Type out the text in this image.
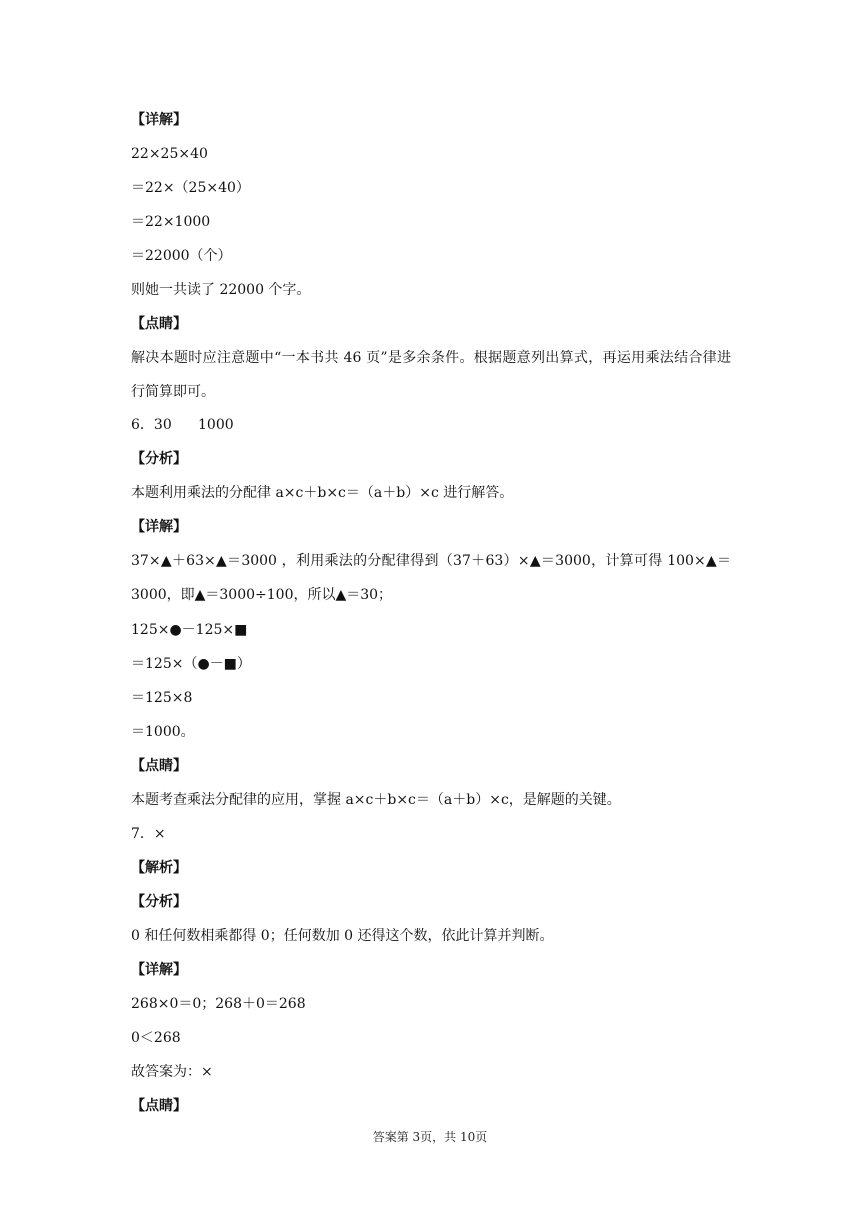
【详解】
22×25×40
＝22×（25×40）
＝22×1000
＝22000（个）
则她一共读了 22000 个字。
【点睛】
解决本题时应注意题中“一本书共 46 页”是多余条件。根据题意列出算式，再运用乘法结合律进行简算即可。
6．30 1000
【分析】
本题利用乘法的分配律 a×c＋b×c＝（a＋b）×c 进行解答。
【详解】
37×▲＋63×▲＝3000 ，利用乘法的分配律得到（37＋63）×▲＝3000，计算可得 100×▲＝3000，即▲＝3000÷100，所以▲＝30；
125×●－125×■
＝125×（●－■）
＝125×8
＝1000。
【点睛】
本题考查乘法分配律的应用，掌握 a×c＋b×c＝（a＋b）×c，是解题的关键。
7．×
【解析】
【分析】
0 和任何数相乘都得 0；任何数加 0 还得这个数，依此计算并判断。
【详解】
268×0＝0；268＋0＝268
0＜268
故答案为：×
【点睛】
答案第 3页，共 10页
